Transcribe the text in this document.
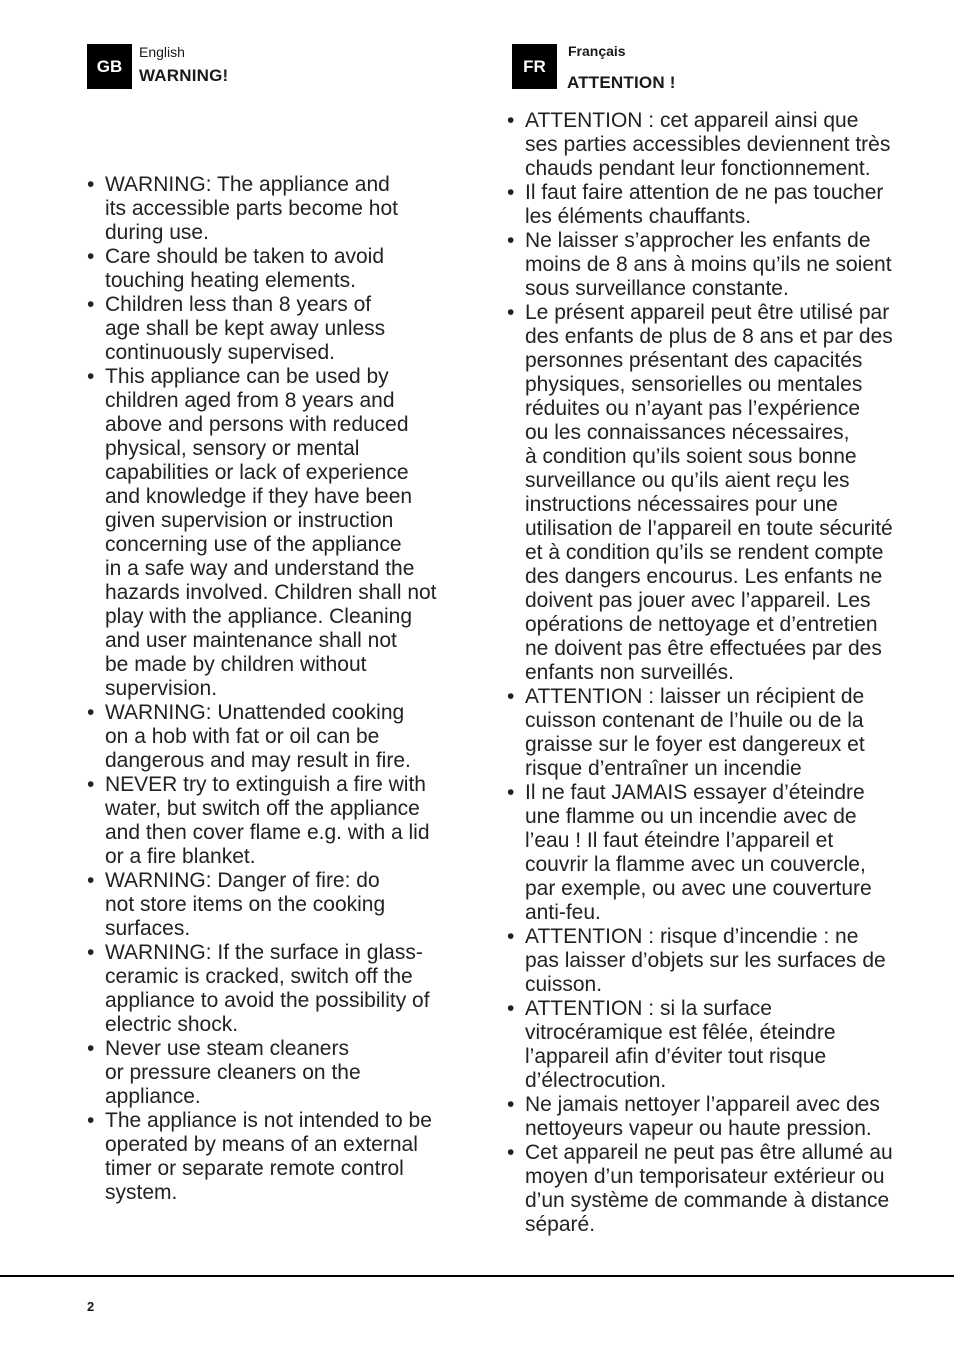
GB
English
WARNING!
• WARNING: The appliance and
its accessible parts become hot
during use.
• Care should be taken to avoid
touching heating elements.
• Children less than 8 years of
age shall be kept away unless
continuously supervised.
• This appliance can be used by
children aged from 8 years and
above and persons with reduced
physical, sensory or mental
capabilities or lack of experience
and knowledge if they have been
given supervision or instruction
concerning use of the appliance
in a safe way and understand the
hazards involved. Children shall not
play with the appliance. Cleaning
and user maintenance shall not
be made by children without
supervision.
• WARNING: Unattended cooking
on a hob with fat or oil can be
dangerous and may result in fire.
• NEVER try to extinguish a fire with
water, but switch off the appliance
and then cover flame e.g. with a lid
or a fire blanket.
• WARNING: Danger of fire: do
not store items on the cooking
surfaces.
• WARNING: If the surface in glass-
ceramic is cracked, switch off the
appliance to avoid the possibility of
electric shock.
• Never use steam cleaners
or pressure cleaners on the
appliance.
• The appliance is not intended to be
operated by means of an external
timer or separate remote control
system.
FR
Français
ATTENTION !
• ATTENTION : cet appareil ainsi que
ses parties accessibles deviennent très
chauds pendant leur fonctionnement.
• Il faut faire attention de ne pas toucher
les éléments chauffants.
• Ne laisser s’approcher les enfants de
moins de 8 ans à moins qu’ils ne soient
sous surveillance constante.
• Le présent appareil peut être utilisé par
des enfants de plus de 8 ans et par des
personnes présentant des capacités
physiques, sensorielles ou mentales
réduites ou n’ayant pas l’expérience
ou les connaissances nécessaires,
à condition qu’ils soient sous bonne
surveillance ou qu’ils aient reçu les
instructions nécessaires pour une
utilisation de l’appareil en toute sécurité
et à condition qu’ils se rendent compte
des dangers encourus. Les enfants ne
doivent pas jouer avec l’appareil. Les
opérations de nettoyage et d’entretien
ne doivent pas être effectuées par des
enfants non surveillés.
• ATTENTION : laisser un récipient de
cuisson contenant de l’huile ou de la
graisse sur le foyer est dangereux et
risque d’entraîner un incendie
• Il ne faut JAMAIS essayer d’éteindre
une flamme ou un incendie avec de
l’eau ! Il faut éteindre l’appareil et
couvrir la flamme avec un couvercle,
par exemple, ou avec une couverture
anti-feu.
• ATTENTION : risque d’incendie : ne
pas laisser d’objets sur les surfaces de
cuisson.
• ATTENTION : si la surface
vitrocéramique est fêlée, éteindre
l’appareil afin d’éviter tout risque
d’électrocution.
• Ne jamais nettoyer l’appareil avec des
nettoyeurs vapeur ou haute pression.
• Cet appareil ne peut pas être allumé au
moyen d’un temporisateur extérieur ou
d’un système de commande à distance
séparé.
2
